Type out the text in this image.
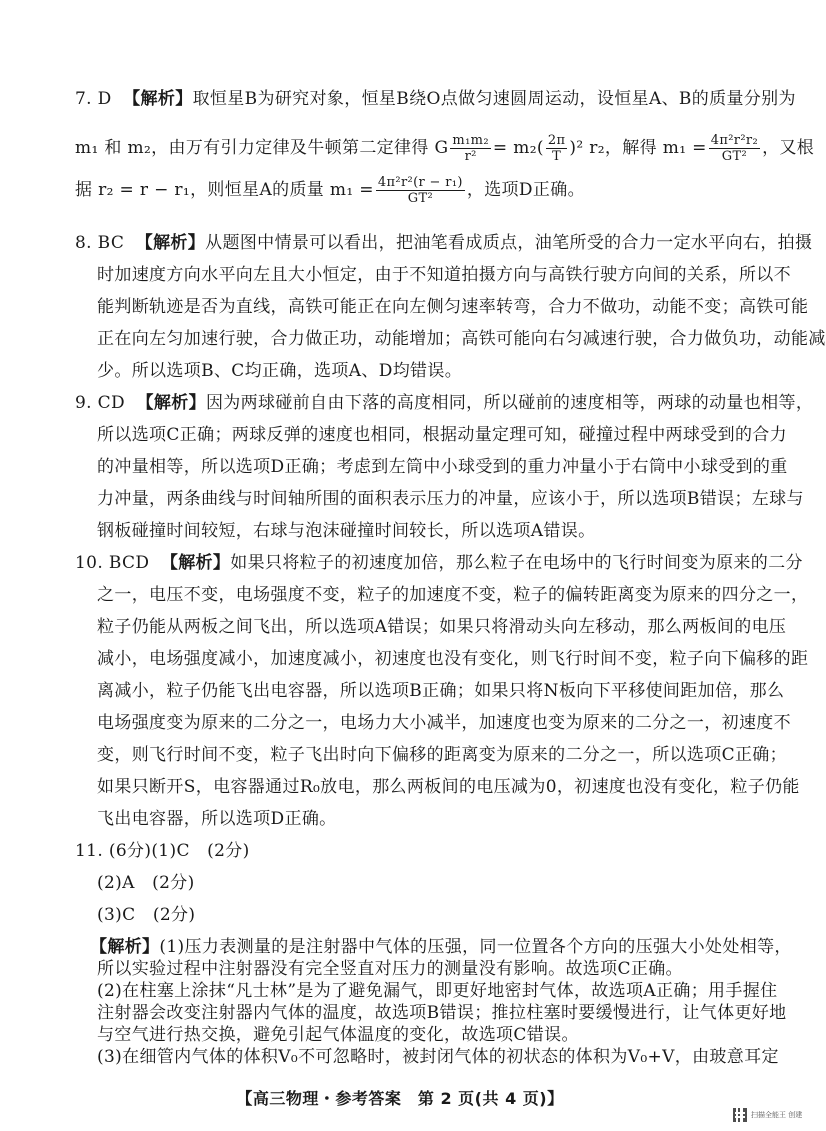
7. D 【解析】取恒星B为研究对象，恒星B绕O点做匀速圆周运动，设恒星A、B的质量分别为
m₁ 和 m₂，由万有引力定律及牛顿第二定律得 G $\frac{\text{m₁m₂}}{\text{r²}} = m_2( \frac{2\pi}{T} )^2$ r₂，解得 $m_1 = \frac{\text{4π²r²r₂}}{\text{GT²}}$ ，又根
据 r₂ = r − r₁，则恒星A的质量 $m_1 = \frac{\text{4π²r²(r − r₁)}}{\text{GT²}}$ ，选项D正确。
8. BC 【解析】从题图中情景可以看出，把油笔看成质点，油笔所受的合力一定水平向右，拍摄
时加速度方向水平向左且大小恒定，由于不知道拍摄方向与高铁行驶方向间的关系，所以不
能判断轨迹是否为直线，高铁可能正在向左侧匀速率转弯，合力不做功，动能不变；高铁可能
正在向左匀加速行驶，合力做正功，动能增加；高铁可能向右匀减速行驶，合力做负功，动能减
少。所以选项B、C均正确，选项A、D均错误。
9. CD 【解析】因为两球碰前自由下落的高度相同，所以碰前的速度相等，两球的动量也相等，
所以选项C正确；两球反弹的速度也相同，根据动量定理可知，碰撞过程中两球受到的合力
的冲量相等，所以选项D正确；考虑到左筒中小球受到的重力冲量小于右筒中小球受到的重
力冲量，两条曲线与时间轴所围的面积表示压力的冲量，应该小于，所以选项B错误；左球与
钢板碰撞时间较短，右球与泡沫碰撞时间较长，所以选项A错误。
10. BCD 【解析】如果只将粒子的初速度加倍，那么粒子在电场中的飞行时间变为原来的二分
之一，电压不变，电场强度不变，粒子的加速度不变，粒子的偏转距离变为原来的四分之一，
粒子仍能从两板之间飞出，所以选项A错误；如果只将滑动头向左移动，那么两板间的电压
减小，电场强度减小，加速度减小，初速度也没有变化，则飞行时间不变，粒子向下偏移的距
离减小，粒子仍能飞出电容器，所以选项B正确；如果只将N板向下平移使间距加倍，那么
电场强度变为原来的二分之一，电场力大小减半，加速度也变为原来的二分之一，初速度不
变，则飞行时间不变，粒子飞出时向下偏移的距离变为原来的二分之一，所以选项C正确；
如果只断开S，电容器通过R₀放电，那么两板间的电压减为0，初速度也没有变化，粒子仍能
飞出电容器，所以选项D正确。
11. (6分)(1)C　(2分)
(2)A　(2分)
(3)C　(2分)
【解析】(1)压力表测量的是注射器中气体的压强，同一位置各个方向的压强大小处处相等，
所以实验过程中注射器没有完全竖直对压力的测量没有影响。故选项C正确。
(2)在柱塞上涂抹“凡士林”是为了避免漏气，即更好地密封气体，故选项A正确；用手握住
注射器会改变注射器内气体的温度，故选项B错误；推拉柱塞时要缓慢进行，让气体更好地
【高三物理・参考答案　第 2 页(共 4 页)】
扫描全能王 创建
与空气进行热交换，避免引起气体温度的变化，故选项C错误。
(3)在细管内气体的体积V₀不可忽略时，被封闭气体的初状态的体积为V₀+V，由玻意耳定
